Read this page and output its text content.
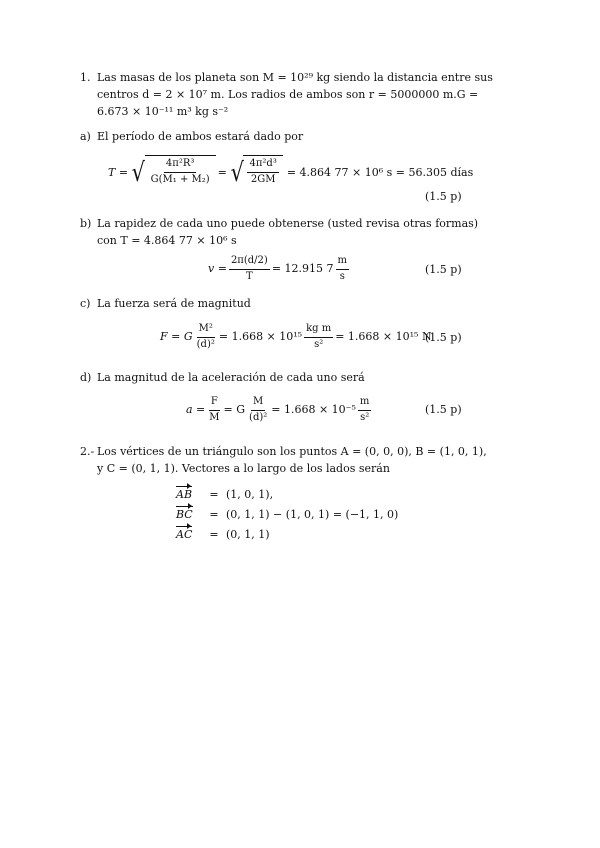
1. Las masas de los planeta son M = 10²⁹ kg siendo la distancia entre sus
centros d = 2 × 10⁷ m. Los radios de ambos son r = 5000000 m.G =
6.673 × 10⁻¹¹ m³ kg s⁻²
a) El período de ambos estará dado por
T = √ $\frac{\text{4π²R³}}{\text{G(M₁ + M₂)}}$ = √ $\frac{\text{4π²d³}}{2GM} = 4.864$ 77 × 10⁶ s = 56.305 días
(1.5 p)
b) La rapidez de cada uno puede obtenerse (usted revisa otras formas)
con T = 4.864 77 × 10⁶ s
$v = \frac{2\pi(d/2)}{T} = 12.915$ $7 \frac{m}{s}$	(1.5 p)
c) La fuerza será de magnitud
F = G $\frac{\text{M²}}{\text{(d)²}} = 1.668 \times 10^{15} \frac{\text{kg m}}{\text{s²}} = 1.668 \times 10^{15}$ N
(1.5 p)
d) La magnitud de la aceleración de cada uno será
$a = \frac{F}{M} = G \frac{M}{\text{(d)²}} = 1.668 \times 10^{-5} \frac{m}{\text{s²}}$	(1.5 p)
2.- Los vértices de un triángulo son los puntos A = (0, 0, 0), B = (1, 0, 1),
y C = (0, 1, 1). Vectores a lo largo de los lados serán
AB = (1, 0, 1),
BC = (0, 1, 1) − (1, 0, 1) = (−1, 1, 0)
AC = (0, 1, 1)
